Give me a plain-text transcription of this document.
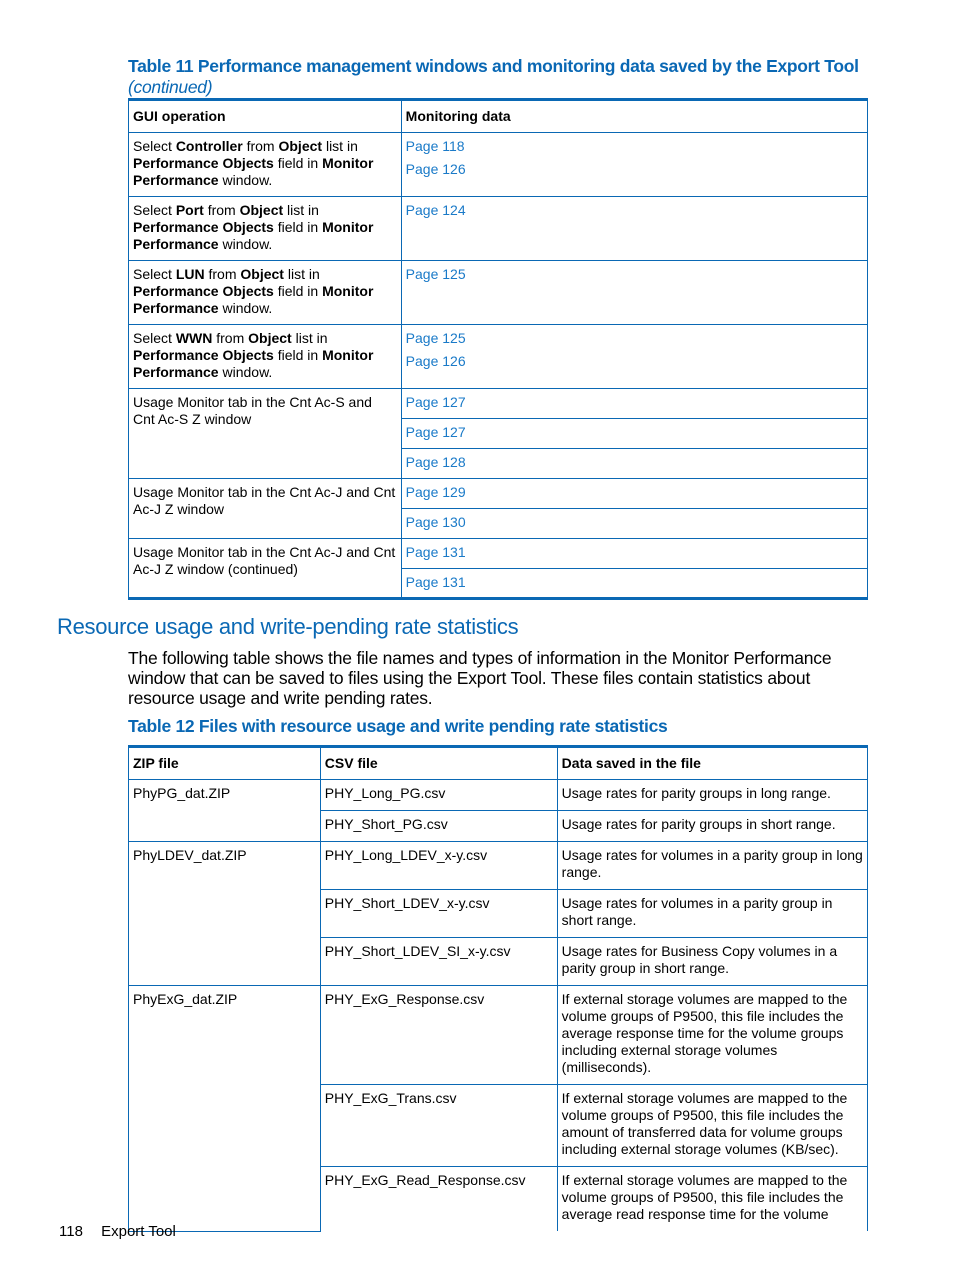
Table 11 Performance management windows and monitoring data saved by the Export Tool
(continued)
GUI operation	Monitoring data
Select Controller from Object list in Performance Objects field in Monitor Performance window.	Page 118
Page 126

Select Port from Object list in Performance Objects field in Monitor Performance window.	Page 124

Select LUN from Object list in Performance Objects field in Monitor Performance window.	Page 125

Select WWN from Object list in Performance Objects field in Monitor Performance window.	Page 125
Page 126

Usage Monitor tab in the Cnt Ac-S and Cnt Ac-S Z window	Page 127

	Page 127

	Page 128

Usage Monitor tab in the Cnt Ac-J and Cnt Ac-J Z window	Page 129

	Page 130

Usage Monitor tab in the Cnt Ac-J and Cnt Ac-J Z window (continued)	Page 131

	Page 131
Resource usage and write-pending rate statistics

The following table shows the file names and types of information in the Monitor Performance window that can be saved to files using the Export Tool. These files contain statistics about resource usage and write pending rates.

Table 12 Files with resource usage and write pending rate statistics
ZIP file	CSV file	Data saved in the file
PhyPG_dat.ZIP	PHY_Long_PG.csv	Usage rates for parity groups in long range.
	PHY_Short_PG.csv	Usage rates for parity groups in short range.
PhyLDEV_dat.ZIP	PHY_Long_LDEV_x-y.csv	Usage rates for volumes in a parity group in long range.
	PHY_Short_LDEV_x-y.csv	Usage rates for volumes in a parity group in short range.
	PHY_Short_LDEV_SI_x-y.csv	Usage rates for Business Copy volumes in a parity group in short range.
PhyExG_dat.ZIP	PHY_ExG_Response.csv	If external storage volumes are mapped to the volume groups of P9500, this file includes the average response time for the volume groups including external storage volumes (milliseconds).
	PHY_ExG_Trans.csv	If external storage volumes are mapped to the volume groups of P9500, this file includes the amount of transferred data for volume groups including external storage volumes (KB/sec).
	PHY_ExG_Read_Response.csv	If external storage volumes are mapped to the volume groups of P9500, this file includes the average read response time for the volume
118 Export Tool
